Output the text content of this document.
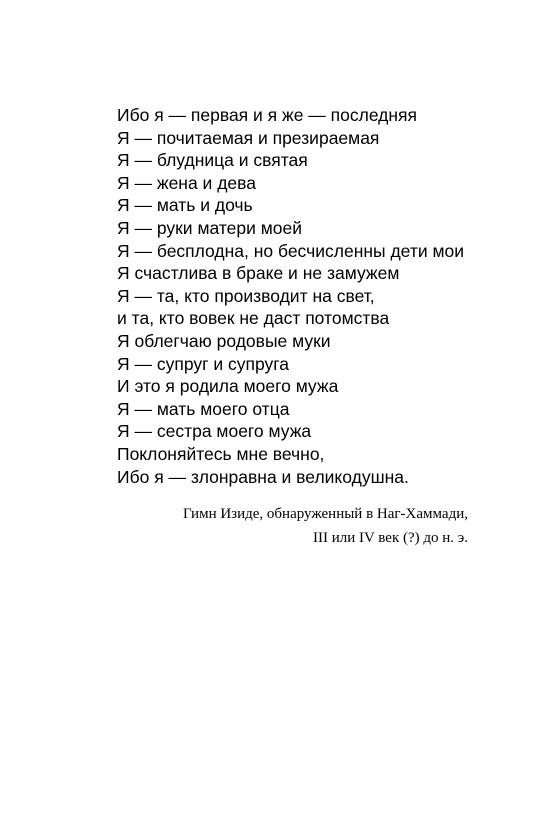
Ибо я — первая и я же — последняя
Я — почитаемая и презираемая
Я — блудница и святая
Я — жена и дева
Я — мать и дочь
Я — руки матери моей
Я — бесплодна, но бесчисленны дети мои
Я счастлива в браке и не замужем
Я — та, кто производит на свет,
и та, кто вовек не даст потомства
Я облегчаю родовые муки
Я — супруг и супруга
И это я родила моего мужа
Я — мать моего отца
Я — сестра моего мужа
Поклоняйтесь мне вечно,
Ибо я — злонравна и великодушна.
Гимн Изиде, обнаруженный в Наг-Хаммади,
III или IV век (?) до н. э.
